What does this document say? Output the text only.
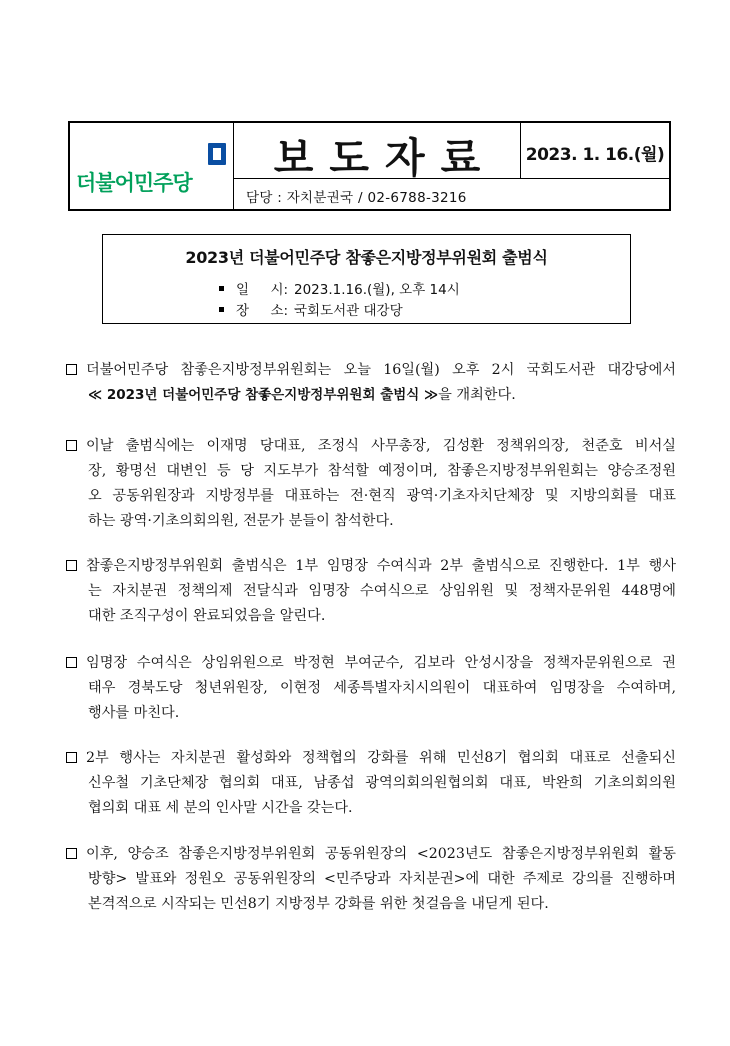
더불어민주당
보도자료	2023. 1. 16.(월)
담당 : 자치분권국 / 02-6788-3216
2023년 더불어민주당 참좋은지방정부위원회 출범식
일     시: 2023.1.16.(월), 오후 14시
장     소: 국회도서관 대강당
더불어민주당 참좋은지방정부위원회는 오늘 16일(월) 오후 2시 국회도서관 대강당에서
≪ 2023년 더불어민주당 참좋은지방정부위원회 출범식 ≫을 개최한다.
이날 출범식에는 이재명 당대표, 조정식 사무총장, 김성환 정책위의장, 천준호 비서실
장, 황명선 대변인 등 당 지도부가 참석할 예정이며, 참좋은지방정부위원회는 양승조정원
오 공동위원장과 지방정부를 대표하는 전·현직 광역·기초자치단체장 및 지방의회를 대표
하는 광역·기초의회의원, 전문가 분들이 참석한다.
참좋은지방정부위원회 출범식은 1부 임명장 수여식과 2부 출범식으로 진행한다. 1부 행사
는 자치분권 정책의제 전달식과 임명장 수여식으로 상임위원 및 정책자문위원 448명에
대한 조직구성이 완료되었음을 알린다.
임명장 수여식은 상임위원으로 박정현 부여군수, 김보라 안성시장을 정책자문위원으로 권
태우 경북도당 청년위원장, 이현정 세종특별자치시의원이 대표하여 임명장을 수여하며,
행사를 마친다.
2부 행사는 자치분권 활성화와 정책협의 강화를 위해 민선8기 협의회 대표로 선출되신
신우철 기초단체장 협의회 대표, 남종섭 광역의회의원협의회 대표, 박완희 기초의회의원
협의회 대표 세 분의 인사말 시간을 갖는다.
이후, 양승조 참좋은지방정부위원회 공동위원장의 <2023년도 참좋은지방정부위원회 활동
방향> 발표와 정원오 공동위원장의 <민주당과 자치분권>에 대한 주제로 강의를 진행하며
본격적으로 시작되는 민선8기 지방정부 강화를 위한 첫걸음을 내딛게 된다.
